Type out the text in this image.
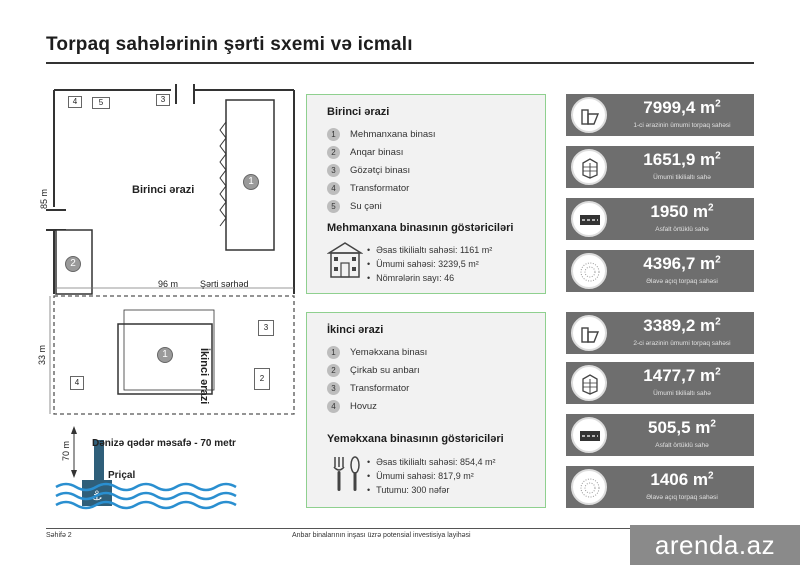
Torpaq sahələrinin şərti sxemi və icmalı
⚓
4	5	3
1
2
Birinci ərazi
85 m
96 m Şərti sərhəd
1
3
4	2
İkinci ərazi
33 m
Dənizə qədər məsafə - 70 metr
70 m
Priçal
Birinci ərazi
1	Mehmanxana binası
2	Anqar binası
3	Gözətçi binası
4	Transformator
5	Su çəni
Mehmanxana binasının göstəriciləri
• Əsas tikilialtı sahəsi: 1161 m²
• Ümumi sahəsi: 3239,5 m²
• Nömrələrin sayı: 46
İkinci ərazi
1	Yeməkxana binası
2	Çirkab su anbarı
3	Transformator
4	Hovuz
Yeməkxana binasının göstəriciləri
• Əsas tikilialtı sahəsi: 854,4 m²
• Ümumi sahəsi: 817,9 m²
• Tutumu: 300 nəfər
7999,4 $m^2$
1-ci ərazinin ümumi torpaq sahəsi
1651,9 $m^2$
Ümumi tikilialtı sahə
1950 $m^2$
Asfalt örtüklü sahə
4396,7 $m^2$
Əlavə açıq torpaq sahəsi
3389,2 $m^2$
2-ci ərazinin ümumi torpaq sahəsi
1477,7 $m^2$
Ümumi tikilialtı sahə
505,5 $m^2$
Asfalt örtüklü sahə
1406 $m^2$
Əlavə açıq torpaq sahəsi
Səhifə 2	Anbar binalarının inşası üzrə potensial investisiya layihəsi	arenda.az
